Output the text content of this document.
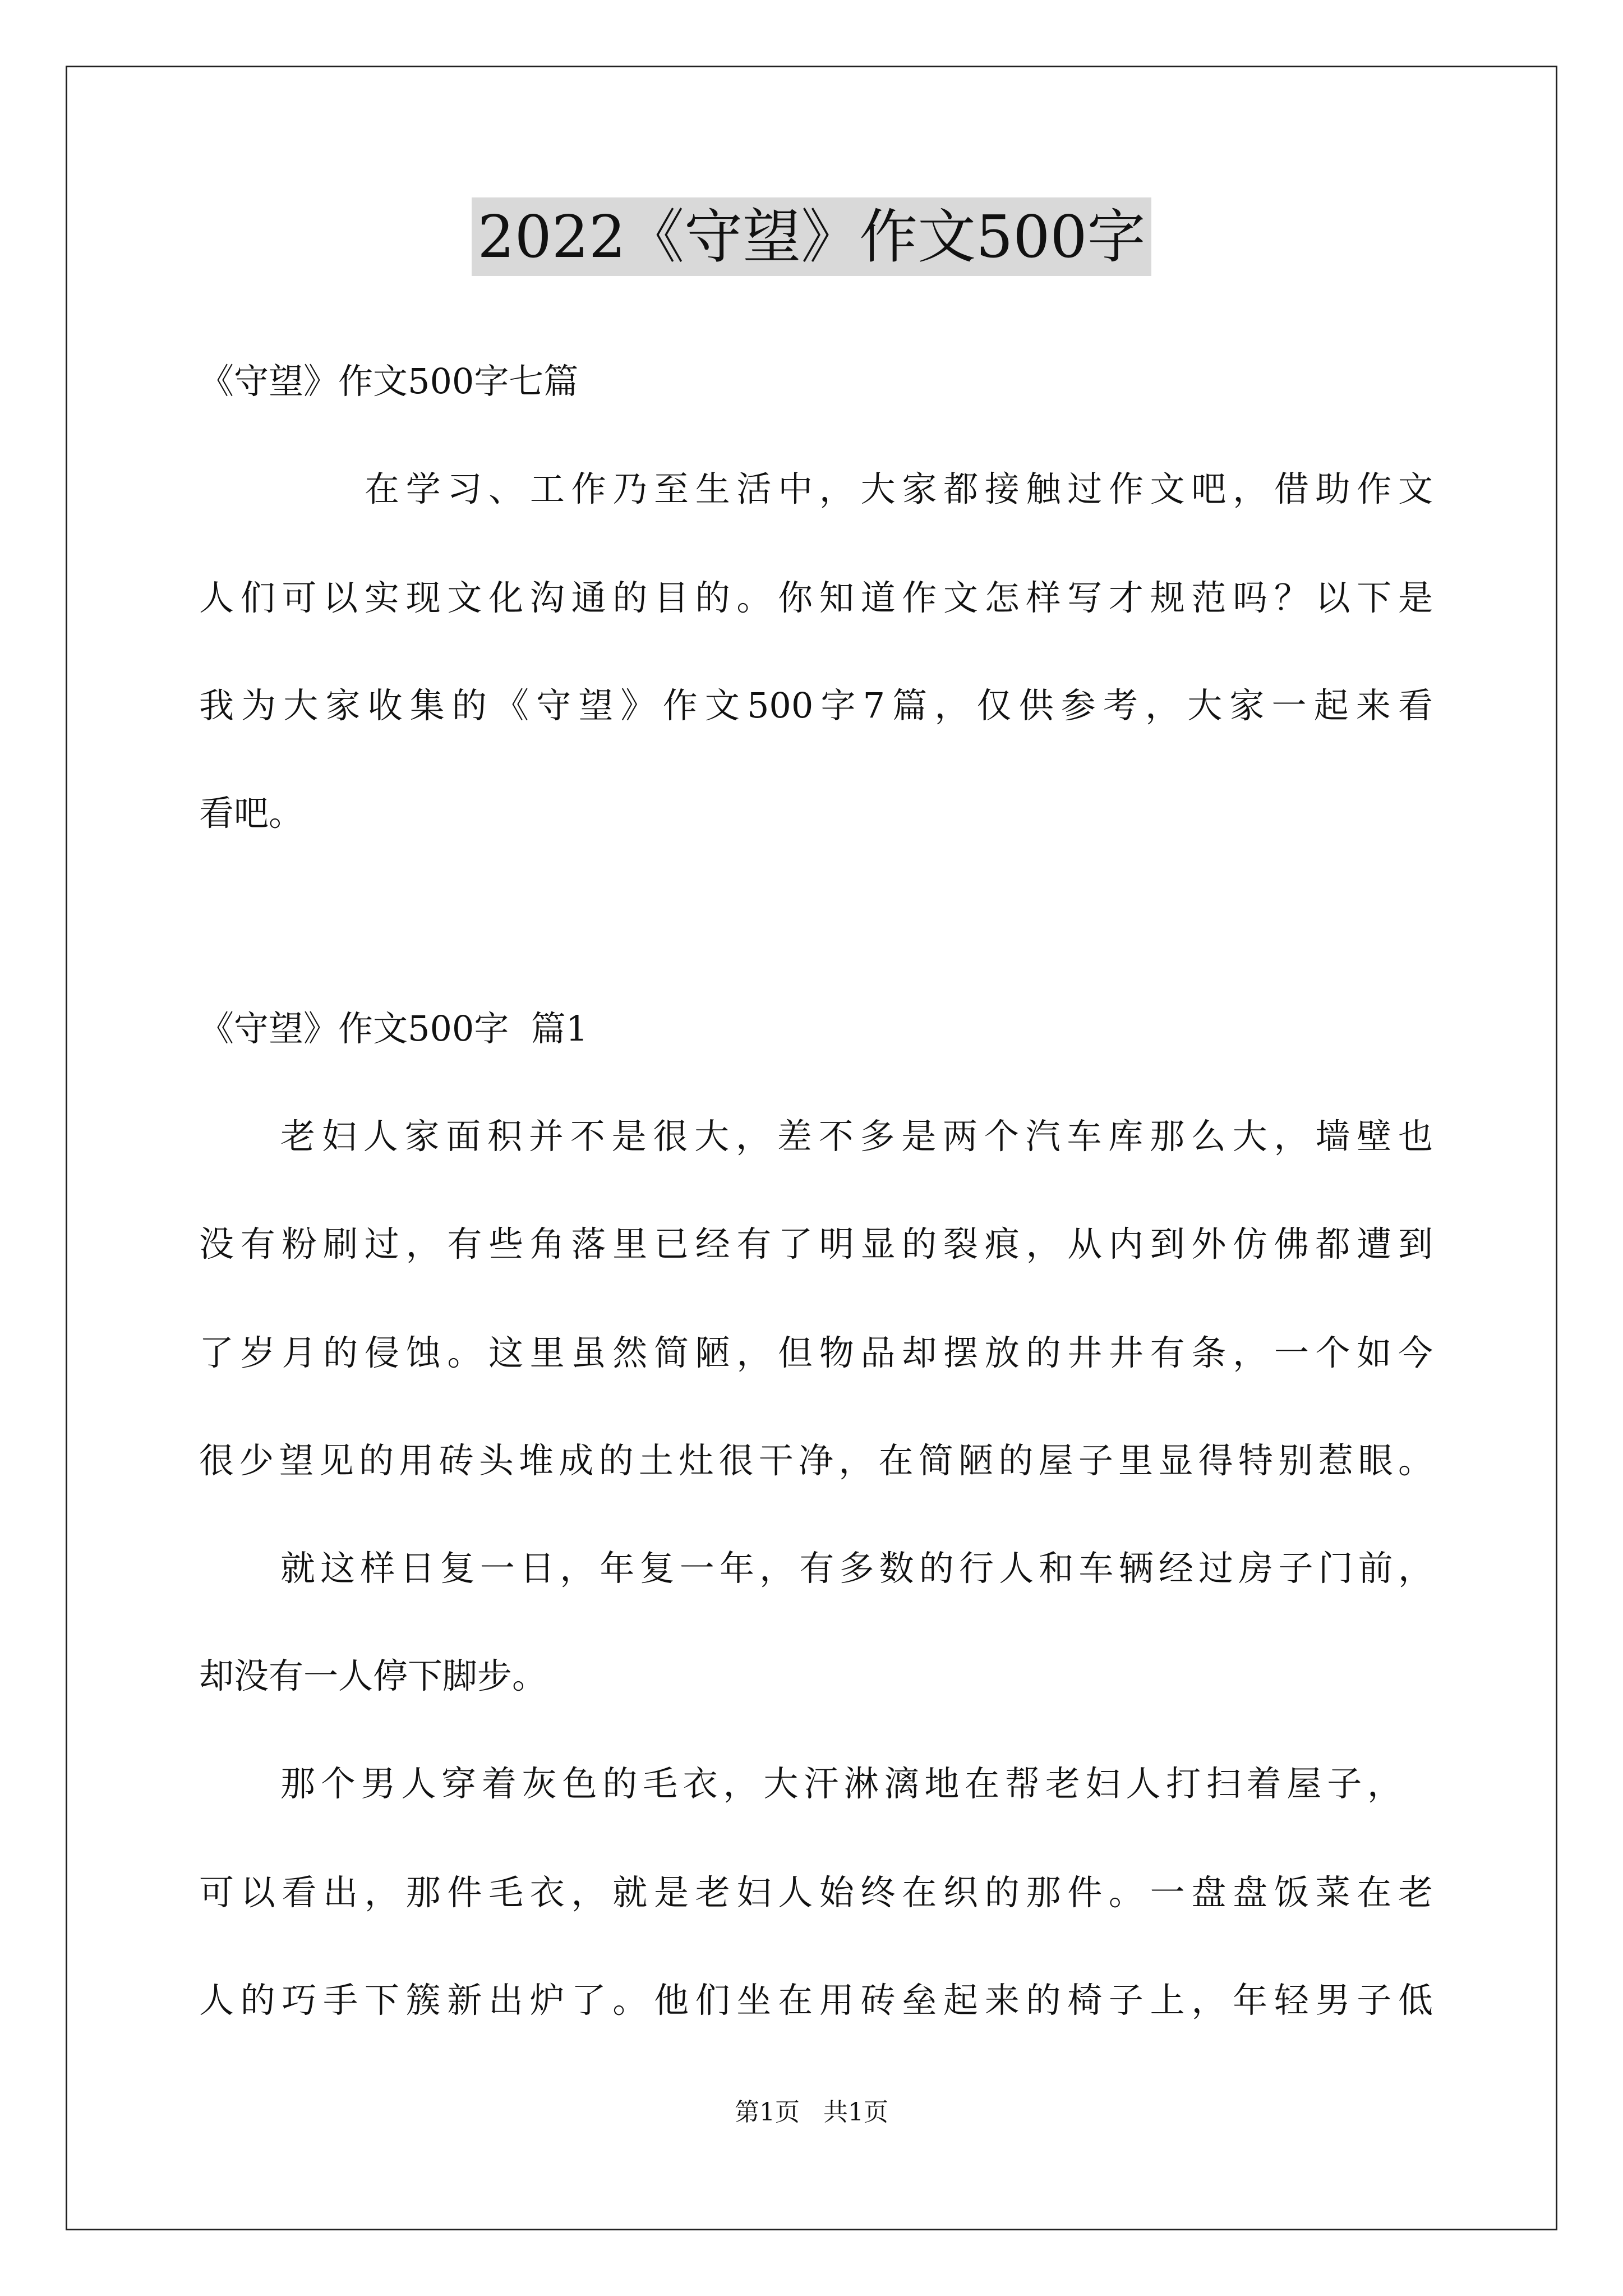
2022《守望》作文500字
《守望》作文500字七篇
在学习、工作乃至生活中，大家都接触过作文吧，借助作文
人们可以实现文化沟通的目的。你知道作文怎样写才规范吗？以下是
我为大家收集的《守望》作文500字7篇，仅供参考，大家一起来看
看吧。
《守望》作文500字  篇1
老妇人家面积并不是很大，差不多是两个汽车库那么大，墙壁也
没有粉刷过，有些角落里已经有了明显的裂痕，从内到外仿佛都遭到
了岁月的侵蚀。这里虽然简陋，但物品却摆放的井井有条，一个如今
很少望见的用砖头堆成的土灶很干净，在简陋的屋子里显得特别惹眼。
就这样日复一日，年复一年，有多数的行人和车辆经过房子门前，
却没有一人停下脚步。
那个男人穿着灰色的毛衣，大汗淋漓地在帮老妇人打扫着屋子，
可以看出，那件毛衣，就是老妇人始终在织的那件。一盘盘饭菜在老
人的巧手下簇新出炉了。他们坐在用砖垒起来的椅子上，年轻男子低
第1页   共1页
